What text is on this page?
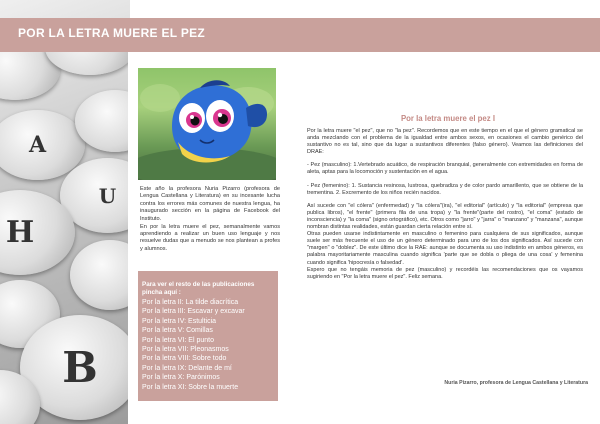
A
U
H
B
POR LA LETRA MUERE EL PEZ

Este año la profesora Nuria Pizarro (profesora de Lengua Castellana y Literatura) en su incesante lucha contra los errores más comunes de nuestra lengua, ha inaugurado sección en la página de Facebook del Instituto.

En por la letra muere el pez, semanalmente vamos aprendiendo a realizar un buen uso lenguaje y nos resuelve dudas que a menudo se nos plantean a profes y alumnos.

Para ver el resto de las publicaciones pincha aquí :
Por la letra II: La tilde diacrítica
Por la letra III: Escavar y excavar
Por la letra IV: Estulticia
Por la letra V: Comillas
Por la letra VI: El punto
Por la letra VII: Pleonasmos
Por la letra VIII: Sobre todo
Por la letra IX: Delante de mí
Por la letra X: Parónimos
Por la letra XI: Sobre la muerte
Por la letra muere el pez I

Por la letra muere "el pez", que no "la pez". Recordemos que en este tiempo en el que el género gramatical se anda mezclando con el problema de la igualdad entre ambos sexos, en ocasiones el cambio genérico del sustantivo no es tal, sino que da lugar a sustantivos diferentes (falso género). Veamos las definiciones del DRAE:

- Pez (masculino): 1.Vertebrado acuático, de respiración branquial, generalmente con extremidades en forma de aleta, aptas para la locomoción y sustentación en el agua.

- Pez (femenino): 1. Sustancia resinosa, lustrosa, quebradiza y de color pardo amarillento, que se obtiene de la trementina. 2. Excremento de los niños recién nacidos.

Así sucede con "el cólera" (enfermedad) y "la cólera"(ira), "el editorial" (artículo) y "la editorial" (empresa que publica libros), "el frente" (primera fila de una tropa) y "la frente"(parte del rostro), "el coma" (estado de inconsciencia) y "la coma" (signo ortográfico), etc. Otros como "jarro" y "jarra" o "manzano" y "manzana", aunque nombran distintas realidades, están guardan cierta relación entre sí.

Otras pueden usarse indistintamente en masculino o femenino para cualquiera de sus significados, aunque suele ser más frecuente el uso de un género determinado para uno de los dos significados. Así sucede con "margen" o "doblez". De este último dice la RAE: aunque se documenta su uso indistinto en ambos géneros, es palabra mayoritariamente masculina cuando significa 'parte que se dobla o pliega de una cosa' y femenina cuando significa 'hipocresía o falsedad'.

Espero que no tengáis memoria de pez (masculino) y recordéis las recomendaciones que os vayamos sugiriendo en "Por la letra muere el pez". Feliz semana.

Nuria Pizarro, profesora de Lengua Castellana y Literatura
